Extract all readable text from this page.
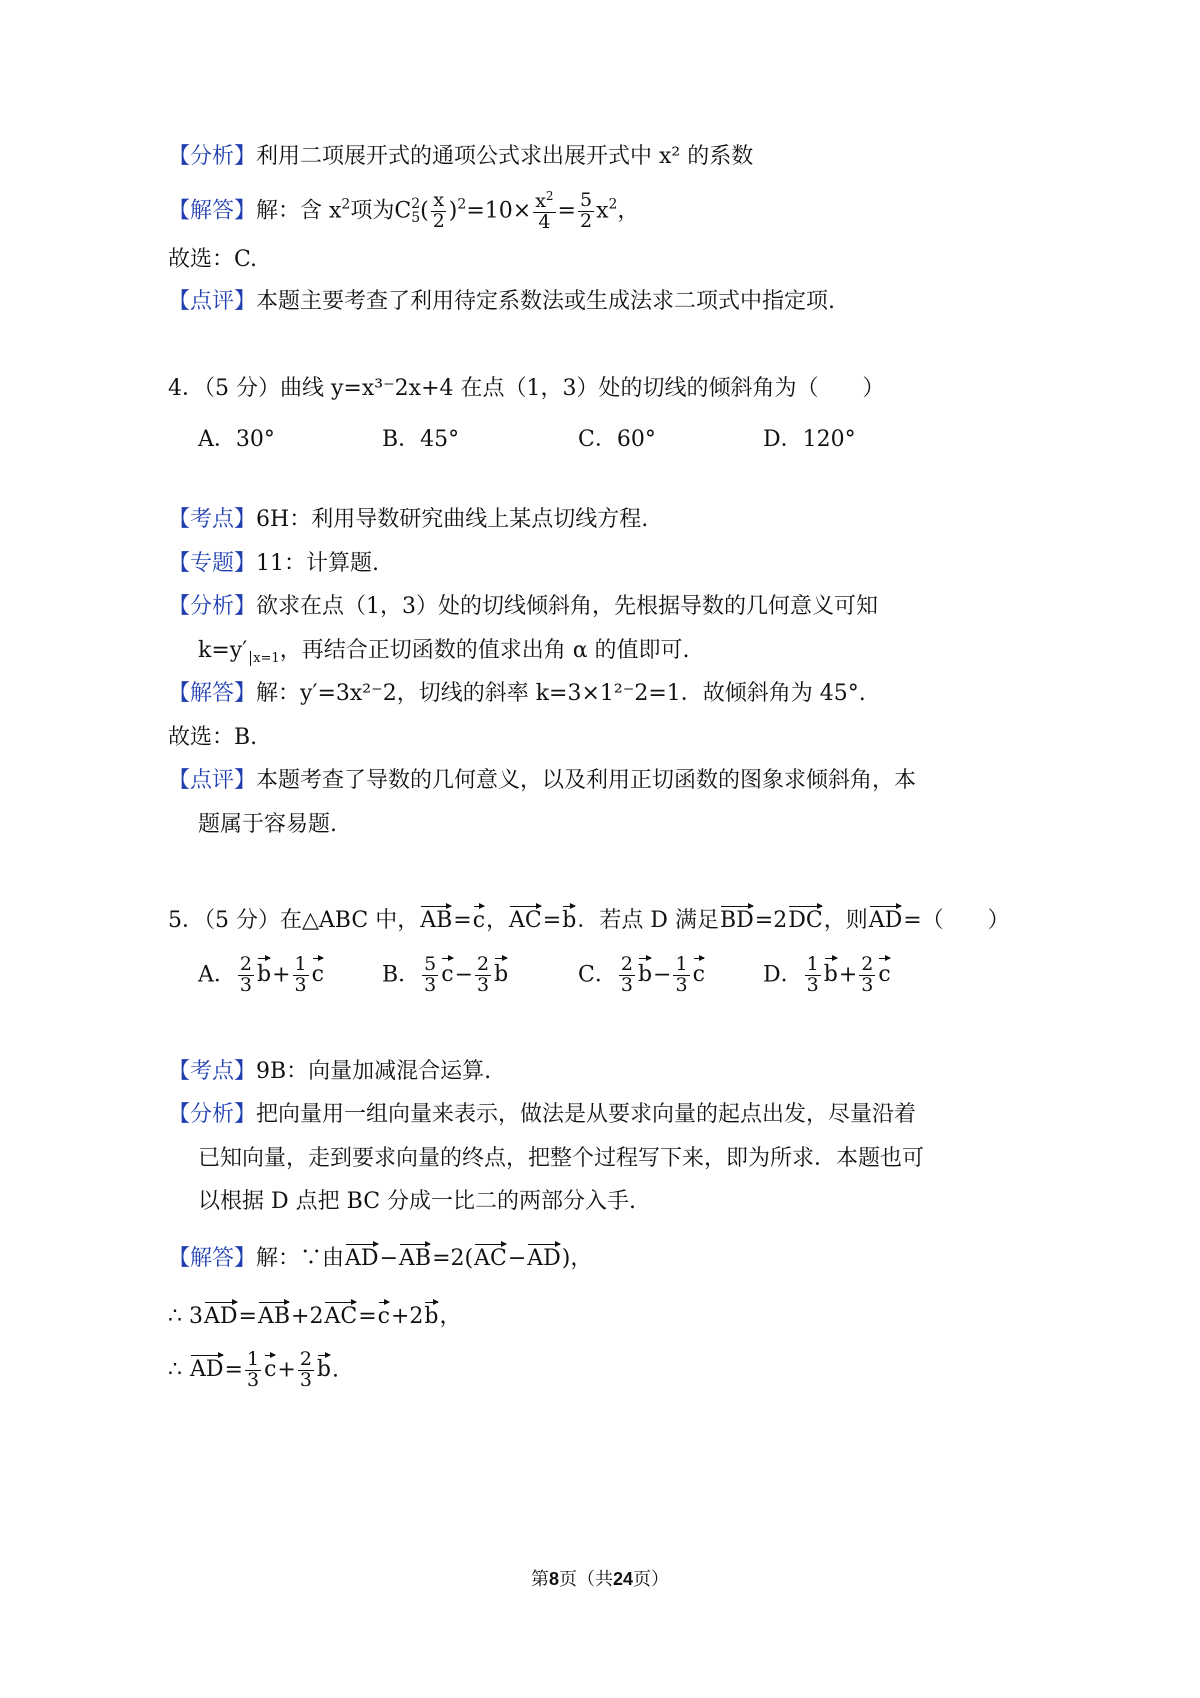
【分析】利用二项展开式的通项公式求出展开式中 x² 的系数
【解答】解：含 $x^2$项为C 2
5 ( $\frac{x}{2} )^2=10\times \frac{x^2}{4} = \frac{5}{2} x^2$，
故选：C.
【点评】本题主要考查了利用待定系数法或生成法求二项式中指定项.
4．（5 分）曲线 y=x³⁻2x+4 在点（1，3）处的切线的倾斜角为（　　）
A．30°	B．45°	C．60°	D．120°
【考点】6H：利用导数研究曲线上某点切线方程.
【专题】11：计算题.
【分析】欲求在点（1，3）处的切线倾斜角，先根据导数的几何意义可知
k=y′ $_{x=1}$，再结合正切函数的值求出角 α 的值即可.
【解答】解：y′=3x²⁻2，切线的斜率 k=3×1²⁻2=1．故倾斜角为 45°.
故选：B.
【点评】本题考查了导数的几何意义，以及利用正切函数的图象求倾斜角，本
题属于容易题.
5．（5 分）在△ABC 中，AB=c，AC=b．若点 D 满足BD=2DC，则AD=（　　）
A． $\frac{2}{3} b+ \frac{1}{3}$ c	B． $\frac{5}{3} c- \frac{2}{3}$ b	C． $\frac{2}{3} b- \frac{1}{3}$ c	D． $\frac{1}{3} b+ \frac{2}{3}$ c
【考点】9B：向量加减混合运算.
【分析】把向量用一组向量来表示，做法是从要求向量的起点出发，尽量沿着
已知向量，走到要求向量的终点，把整个过程写下来，即为所求．本题也可
以根据 D 点把 BC 分成一比二的两部分入手.
【解答】解：∵由AD−AB=2(AC−AD)，
∴ 3AD=AB+2AC=c+2b，
∴ $AD= \frac{1}{3} c+ \frac{2}{3} b$.
第8页（共24页）
